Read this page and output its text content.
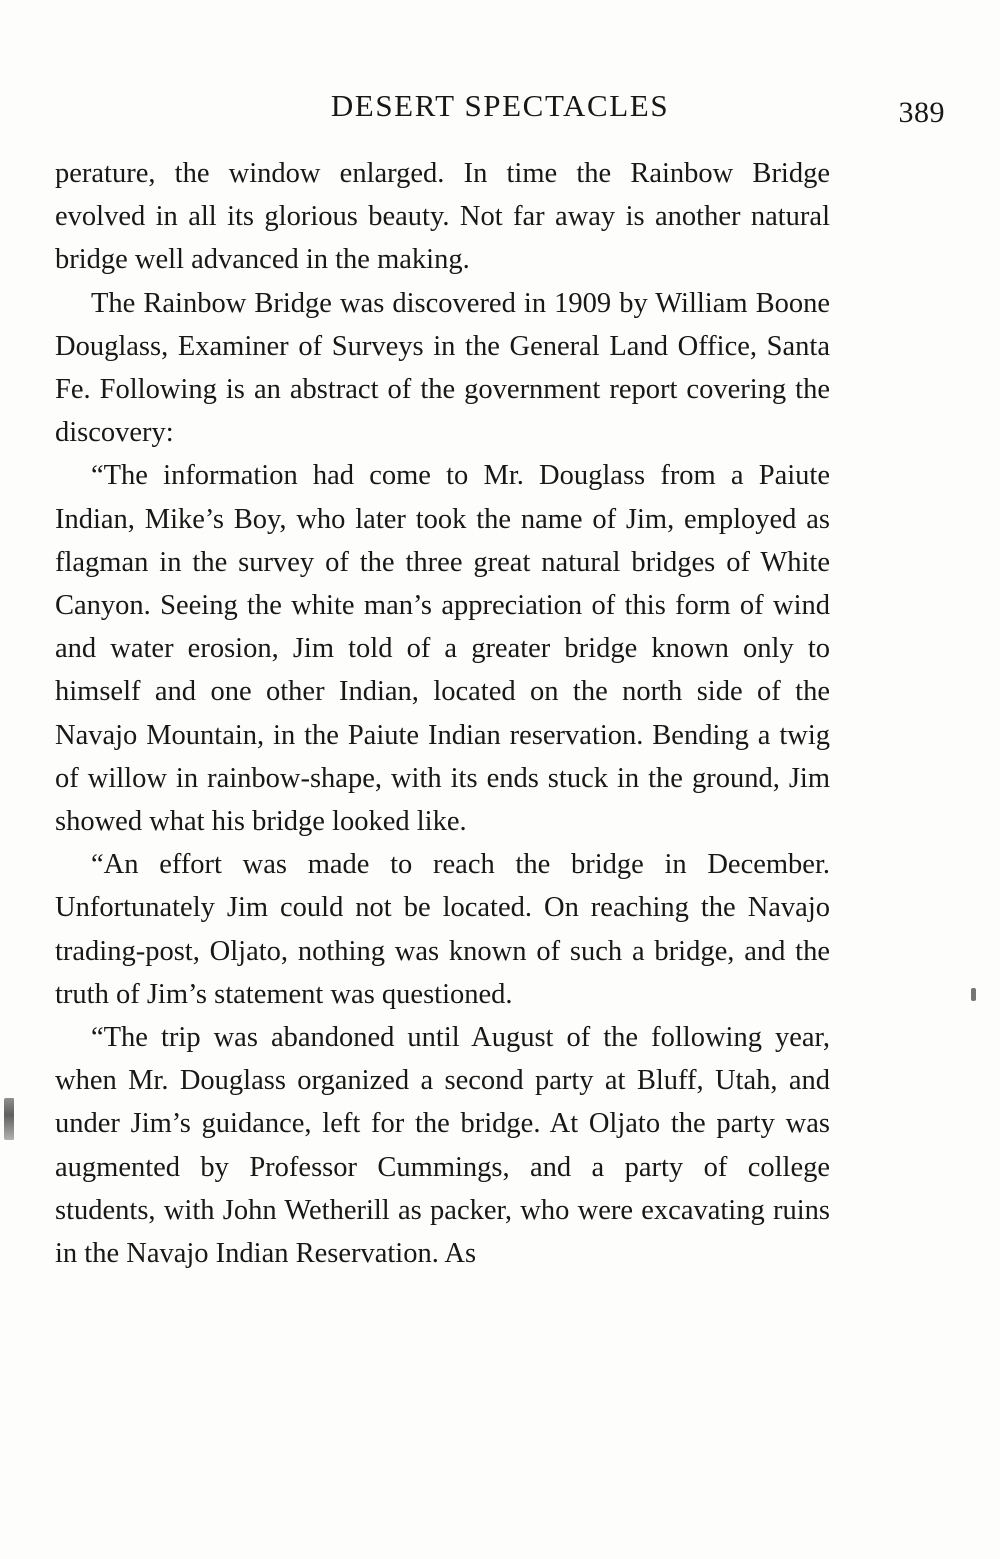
DESERT SPECTACLES	389

perature, the window enlarged. In time the Rainbow Bridge evolved in all its glorious beauty. Not far away is another natural bridge well advanced in the making.

The Rainbow Bridge was discovered in 1909 by William Boone Douglass, Examiner of Surveys in the General Land Office, Santa Fe. Following is an abstract of the government report covering the discovery:

“The information had come to Mr. Douglass from a Paiute Indian, Mike’s Boy, who later took the name of Jim, employed as flagman in the survey of the three great natural bridges of White Canyon. Seeing the white man’s appreciation of this form of wind and water erosion, Jim told of a greater bridge known only to himself and one other Indian, located on the north side of the Navajo Mountain, in the Paiute Indian reservation. Bending a twig of willow in rainbow-shape, with its ends stuck in the ground, Jim showed what his bridge looked like.

“An effort was made to reach the bridge in December. Unfortunately Jim could not be located. On reaching the Navajo trading-post, Oljato, nothing was known of such a bridge, and the truth of Jim’s statement was questioned.

“The trip was abandoned until August of the following year, when Mr. Douglass organized a second party at Bluff, Utah, and under Jim’s guidance, left for the bridge. At Oljato the party was augmented by Professor Cummings, and a party of college students, with John Wetherill as packer, who were excavating ruins in the Navajo Indian Reservation. As
